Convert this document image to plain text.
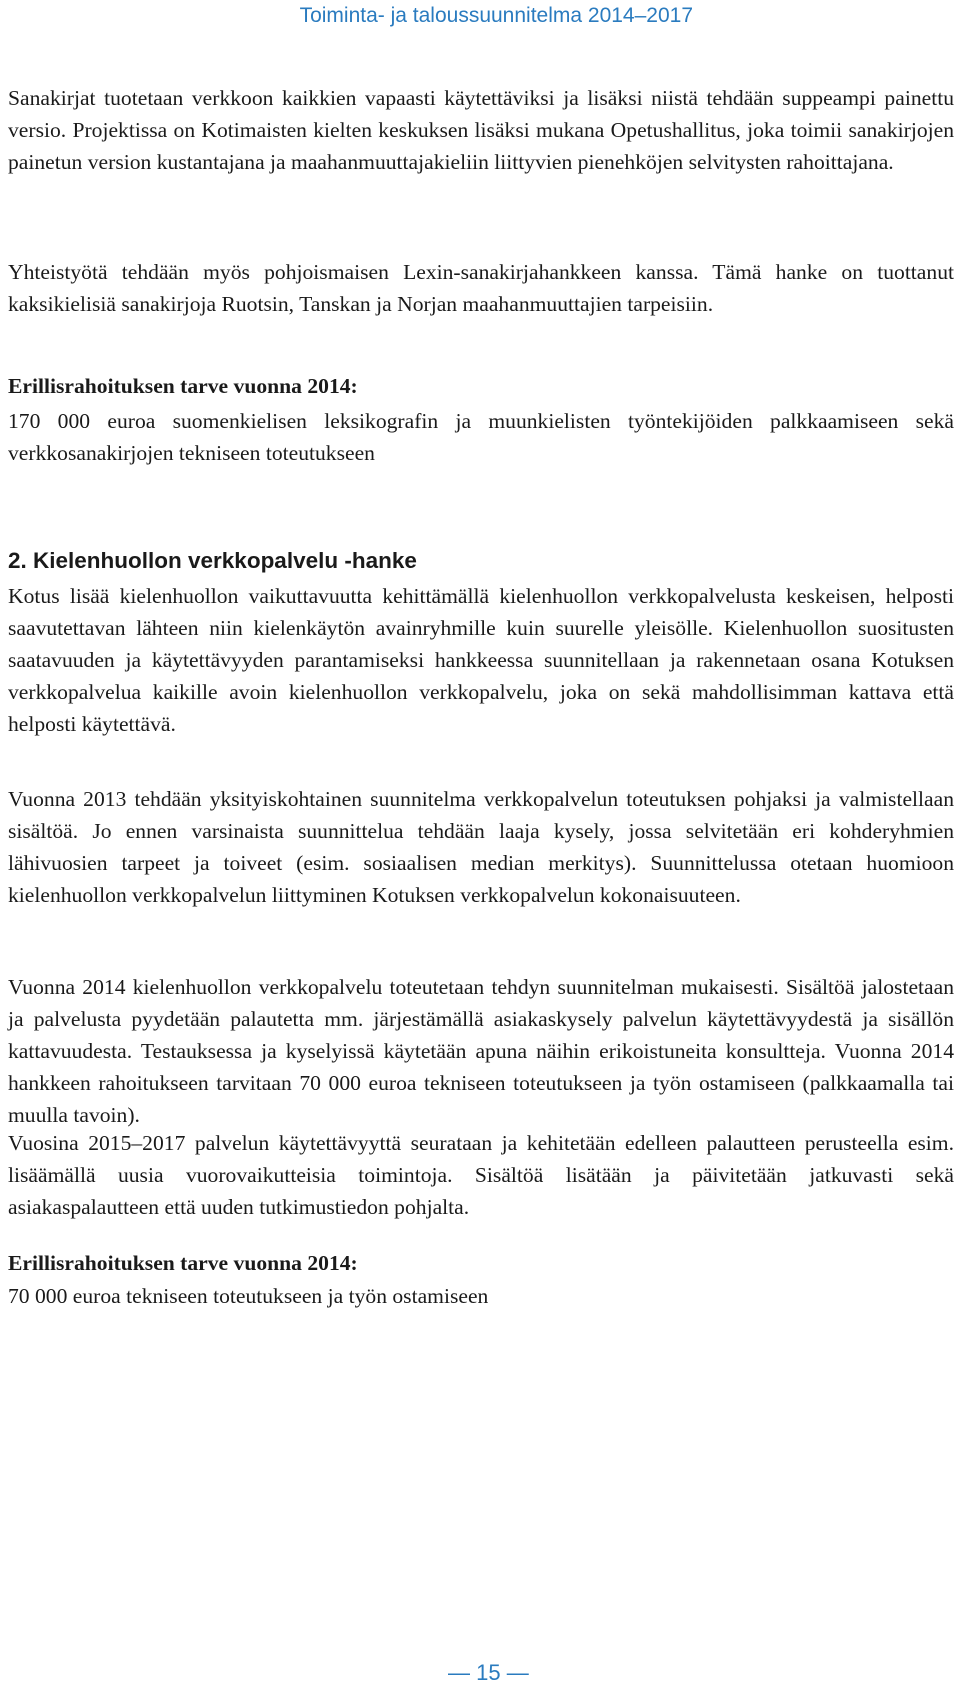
Toiminta- ja taloussuunnitelma 2014–2017

Sanakirjat tuotetaan verkkoon kaikkien vapaasti käytettäviksi ja lisäksi niistä tehdään suppeampi painettu versio. Projektissa on Kotimaisten kielten keskuksen lisäksi mukana Opetushallitus, joka toimii sanakirjojen painetun version kustantajana ja maahanmuuttajakieliin liittyvien pienehköjen selvitysten rahoittajana.

Yhteistyötä tehdään myös pohjoismaisen Lexin-sanakirjahankkeen kanssa. Tämä hanke on tuottanut kaksikielisiä sanakirjoja Ruotsin, Tanskan ja Norjan maahanmuuttajien tarpeisiin.

Erillisrahoituksen tarve vuonna 2014:

170 000 euroa suomenkielisen leksikografin ja muunkielisten työntekijöiden palkkaamiseen sekä verkkosanakirjojen tekniseen toteutukseen

2. Kielenhuollon verkkopalvelu -hanke

Kotus lisää kielenhuollon vaikuttavuutta kehittämällä kielenhuollon verkkopalvelusta keskeisen, helposti saavutettavan lähteen niin kielenkäytön avainryhmille kuin suurelle yleisölle. Kielenhuollon suositusten saatavuuden ja käytettävyyden parantamiseksi hankkeessa suunnitellaan ja rakennetaan osana Kotuksen verkkopalvelua kaikille avoin kielenhuollon verkkopalvelu, joka on sekä mahdollisimman kattava että helposti käytettävä.

Vuonna 2013 tehdään yksityiskohtainen suunnitelma verkkopalvelun toteutuksen pohjaksi ja valmistellaan sisältöä. Jo ennen varsinaista suunnittelua tehdään laaja kysely, jossa selvitetään eri kohderyhmien lähivuosien tarpeet ja toiveet (esim. sosiaalisen median merkitys). Suunnittelussa otetaan huomioon kielenhuollon verkkopalvelun liittyminen Kotuksen verkkopalvelun kokonaisuuteen.

Vuonna 2014 kielenhuollon verkkopalvelu toteutetaan tehdyn suunnitelman mukaisesti. Sisältöä jalostetaan ja palvelusta pyydetään palautetta mm. järjestämällä asiakaskysely palvelun käytettävyydestä ja sisällön kattavuudesta. Testauksessa ja kyselyissä käytetään apuna näihin erikoistuneita konsultteja. Vuonna 2014 hankkeen rahoitukseen tarvitaan 70 000 euroa tekniseen toteutukseen ja työn ostamiseen (palkkaamalla tai muulla tavoin).

Vuosina 2015–2017 palvelun käytettävyyttä seurataan ja kehitetään edelleen palautteen perusteella esim. lisäämällä uusia vuorovaikutteisia toimintoja. Sisältöä lisätään ja päivitetään jatkuvasti sekä asiakaspalautteen että uuden tutkimustiedon pohjalta.

Erillisrahoituksen tarve vuonna 2014:

70 000 euroa tekniseen toteutukseen ja työn ostamiseen

— 15 —
